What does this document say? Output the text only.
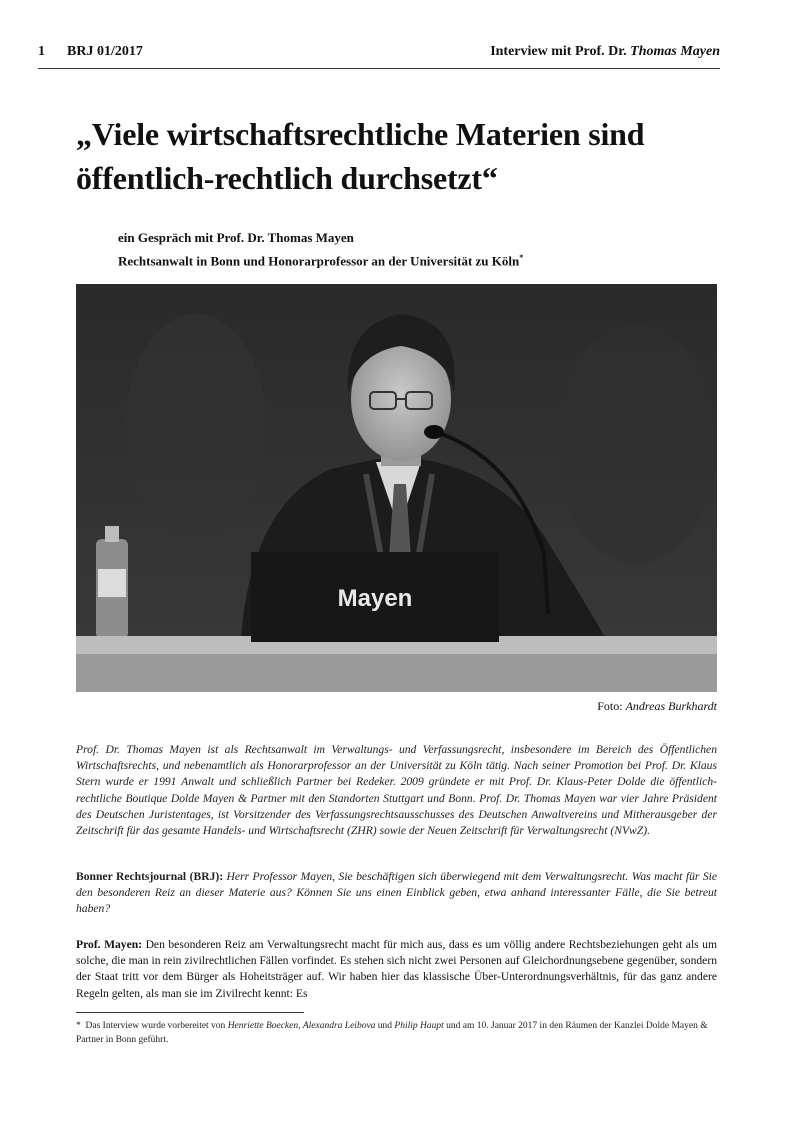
1 BRJ 01/2017	Interview mit Prof. Dr. Thomas Mayen
„Viele wirtschaftsrechtliche Materien sind
öffentlich-rechtlich durchsetzt“
ein Gespräch mit Prof. Dr. Thomas Mayen
Rechtsanwalt in Bonn und Honorarprofessor an der Universität zu Köln*
Mayen
Foto: Andreas Burkhardt

Prof. Dr. Thomas Mayen ist als Rechtsanwalt im Verwaltungs- und Verfassungsrecht, insbesondere im Bereich des Öffentlichen Wirtschaftsrechts, und nebenamtlich als Honorarprofessor an der Universität zu Köln tätig. Nach seiner Promotion bei Prof. Dr. Klaus Stern wurde er 1991 Anwalt und schließlich Partner bei Redeker. 2009 gründete er mit Prof. Dr. Klaus-Peter Dolde die öffentlich-rechtliche Boutique Dolde Mayen & Partner mit den Standorten Stuttgart und Bonn. Prof. Dr. Thomas Mayen war vier Jahre Präsident des Deutschen Juristentages, ist Vorsitzender des Verfassungsrechtsausschusses des Deutschen Anwaltvereins und Mitherausgeber der Zeitschrift für das gesamte Handels- und Wirtschaftsrecht (ZHR) sowie der Neuen Zeitschrift für Verwaltungsrecht (NVwZ).

Bonner Rechtsjournal (BRJ): Herr Professor Mayen, Sie beschäftigen sich überwiegend mit dem Verwaltungsrecht. Was macht für Sie den besonderen Reiz an dieser Materie aus? Können Sie uns einen Einblick geben, etwa anhand interessanter Fälle, die Sie betreut haben?

Prof. Mayen: Den besonderen Reiz am Verwaltungsrecht macht für mich aus, dass es um völlig andere Rechtsbeziehungen geht als um solche, die man in rein zivilrechtlichen Fällen vorfindet. Es stehen sich nicht zwei Personen auf Gleichordnungsebene gegenüber, sondern der Staat tritt vor dem Bürger als Hoheitsträger auf. Wir haben hier das klassische Über-Unterordnungsverhältnis, für das ganz andere Regeln gelten, als man sie im Zivilrecht kennt: Es

* Das Interview wurde vorbereitet von Henriette Boecken, Alexandra Leibova und Philip Haupt und am 10. Januar 2017 in den Räumen der Kanzlei Dolde Mayen & Partner in Bonn geführt.
